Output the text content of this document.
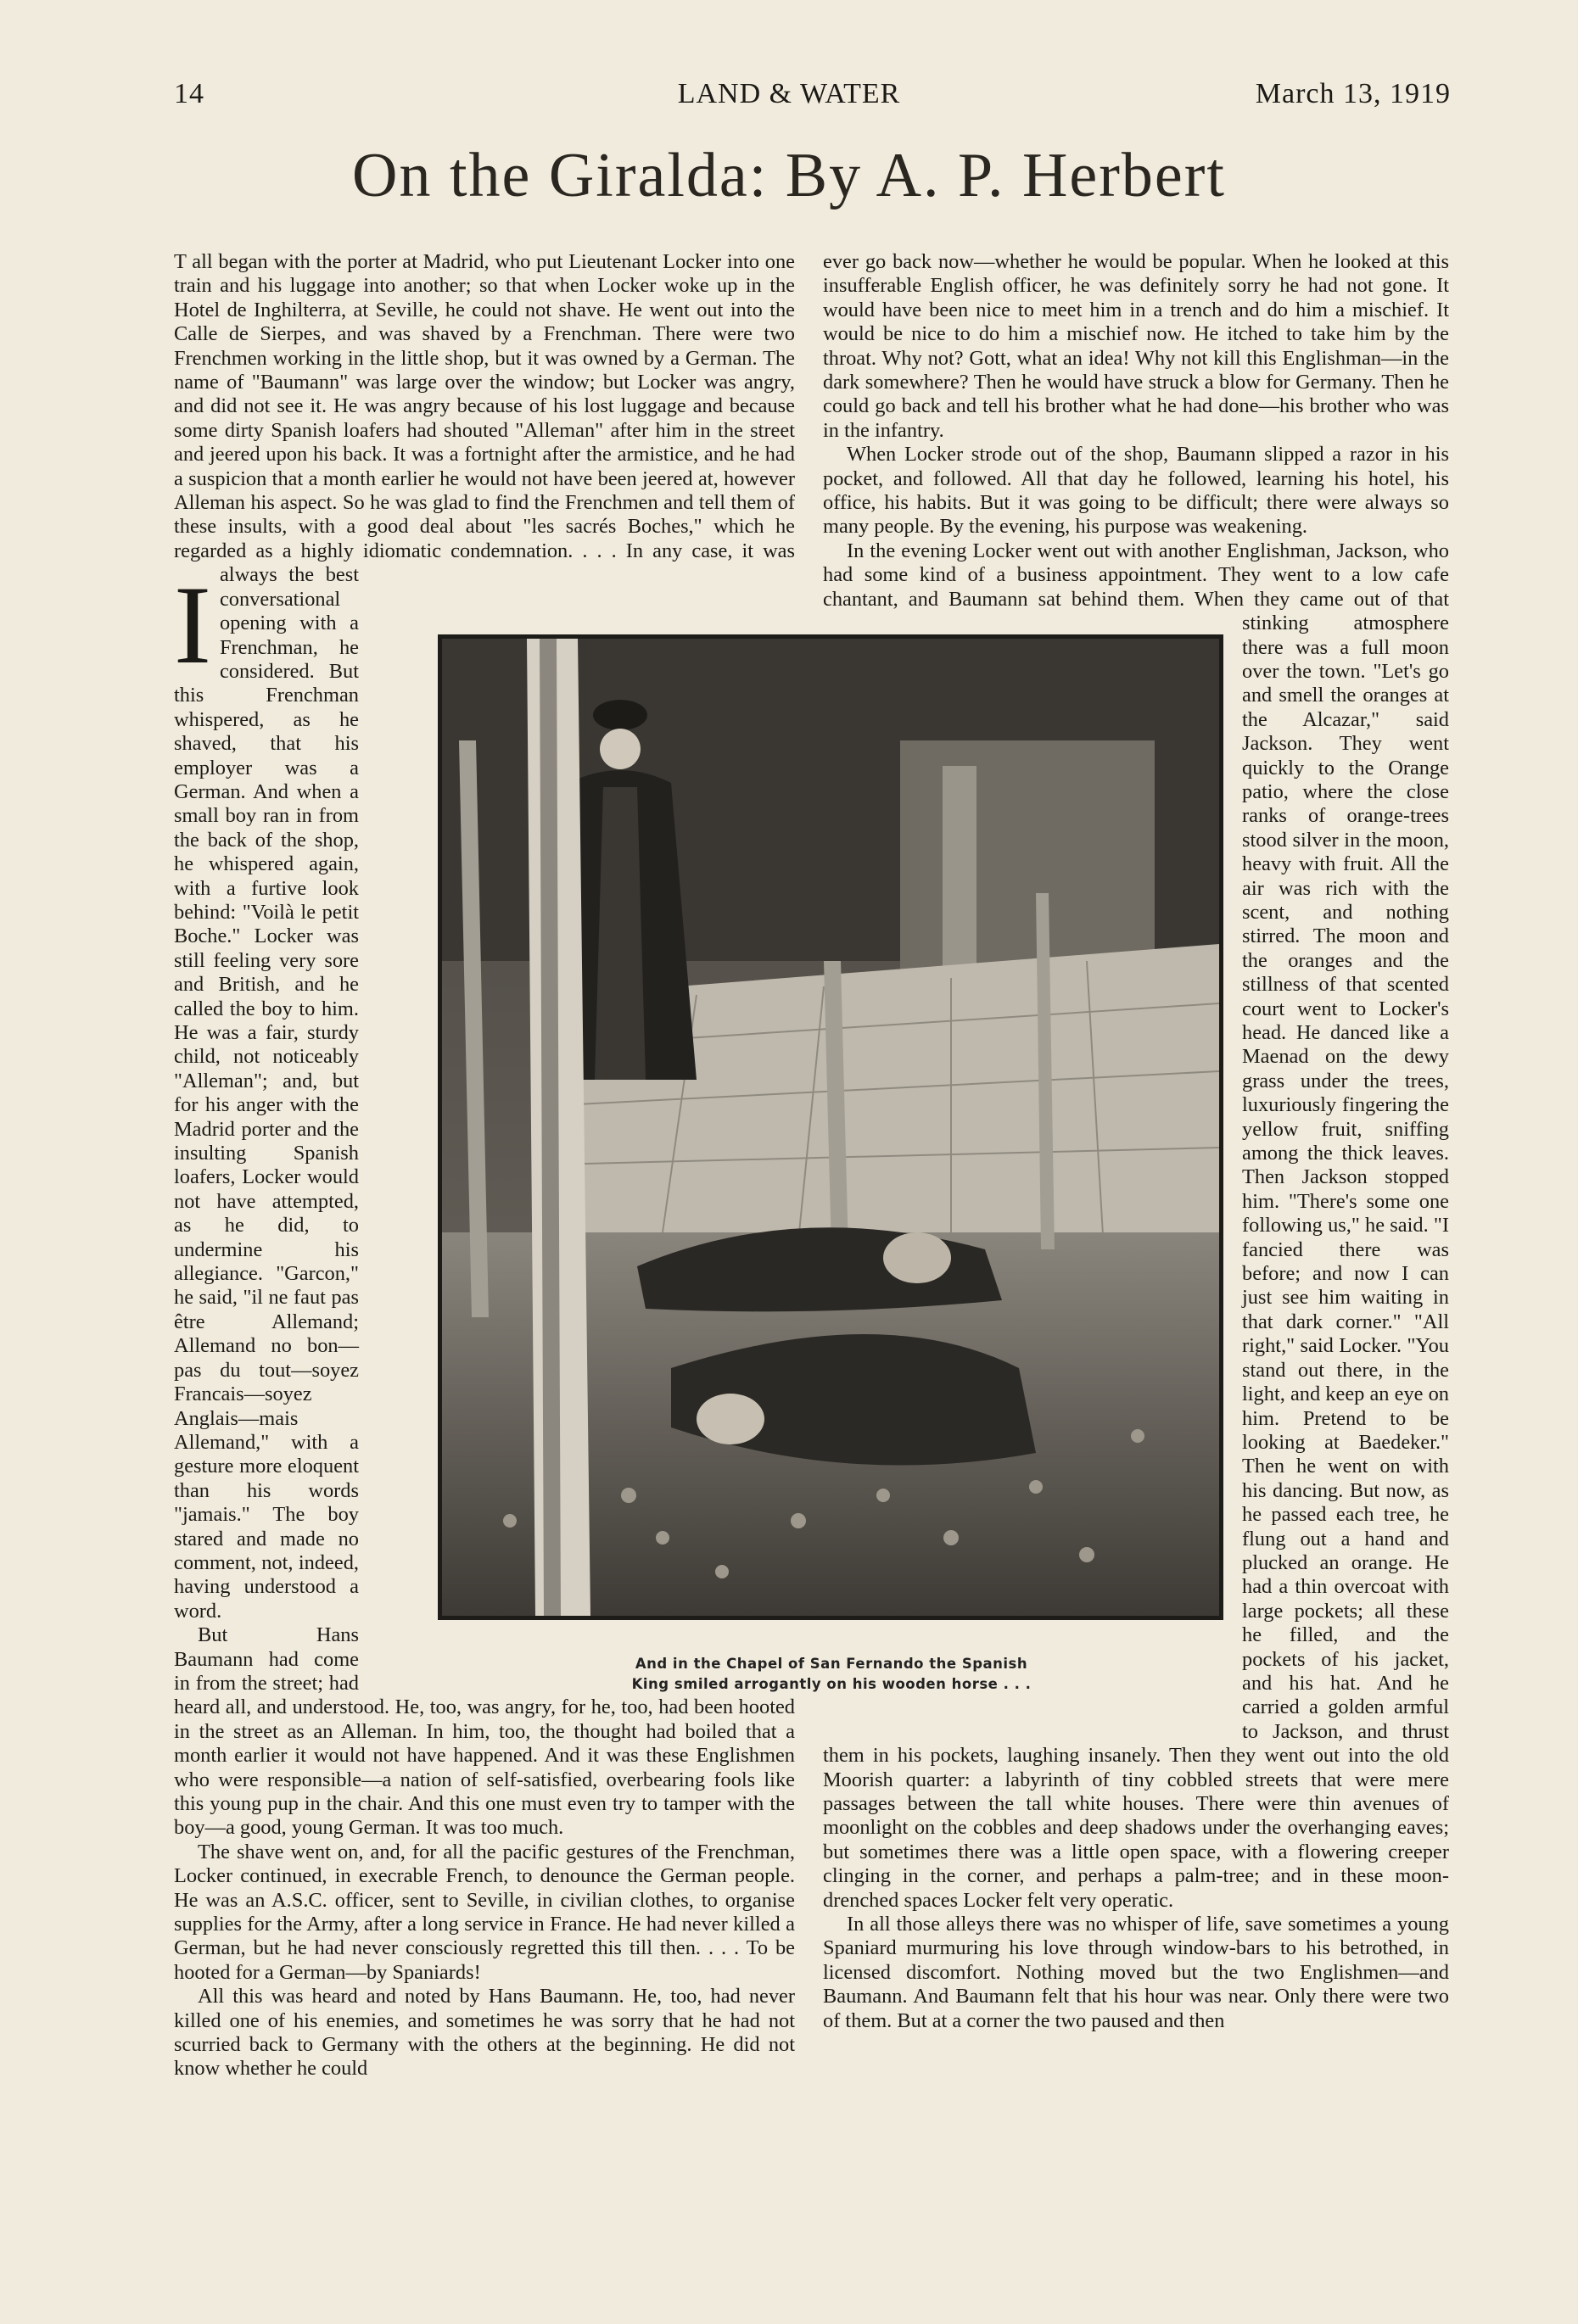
14	LAND & WATER	March 13, 1919
On the Giralda: By A. P. Herbert

I
T all began with the porter at Madrid, who put Lieutenant Locker into one train and his luggage into another; so that when Locker woke up in the Hotel de Inghilterra, at Seville, he could not shave. He went out into the Calle de Sierpes, and was shaved by a Frenchman. There were two Frenchmen working in the little shop, but it was owned by a German. The name of "Baumann" was large over the window; but Locker was angry, and did not see it. He was angry because of his lost luggage and because some dirty Spanish loafers had shouted "Alleman" after him in the street and jeered upon his back. It was a fortnight after the armistice, and he had a suspicion that a month earlier he would not have been jeered at, however Alleman his aspect. So he was glad to find the Frenchmen and tell them of these insults, with a good deal about "les sacrés Boches," which he regarded as a highly idiomatic condemnation. . . . In any case, it was always the best conversational opening with a Frenchman, he considered. But this Frenchman whispered, as he shaved, that his employer was a German. And when a small boy ran in from the back of the shop, he whispered again, with a furtive look behind: "Voilà le petit Boche." Locker was still feeling very sore and British, and he called the boy to him. He was a fair, sturdy child, not noticeably "Alleman"; and, but for his anger with the Madrid porter and the insulting Spanish loafers, Locker would not have attempted, as he did, to undermine his allegiance. "Garcon," he said, "il ne faut pas être Allemand; Allemand no bon—pas du tout—soyez Francais—soyez Anglais—mais Allemand," with a gesture more eloquent than his words "jamais." The boy stared and made no comment, not, indeed, having understood a word.

But Hans Baumann had come in from the street; had heard all, and understood. He, too, was angry, for he, too, had been hooted in the street as an Alleman. In him, too, the thought had boiled that a month earlier it would not have happened. And it was these Englishmen who were responsible—a nation of self-satisfied, overbearing fools like this young pup in the chair. And this one must even try to tamper with the boy—a good, young German. It was too much.

The shave went on, and, for all the pacific gestures of the Frenchman, Locker continued, in execrable French, to denounce the German people. He was an A.S.C. officer, sent to Seville, in civilian clothes, to organise supplies for the Army, after a long service in France. He had never killed a German, but he had never consciously regretted this till then. . . . To be hooted for a German—by Spaniards!

All this was heard and noted by Hans Baumann. He, too, had never killed one of his enemies, and sometimes he was sorry that he had not scurried back to Germany with the others at the beginning. He did not know whether he could

ever go back now—whether he would be popular. When he looked at this insufferable English officer, he was definitely sorry he had not gone. It would have been nice to meet him in a trench and do him a mischief. It would be nice to do him a mischief now. He itched to take him by the throat. Why not? Gott, what an idea! Why not kill this Englishman—in the dark somewhere? Then he would have struck a blow for Germany. Then he could go back and tell his brother what he had done—his brother who was in the infantry.

When Locker strode out of the shop, Baumann slipped a razor in his pocket, and followed. All that day he followed, learning his hotel, his office, his habits. But it was going to be difficult; there were always so many people. By the evening, his purpose was weakening.

In the evening Locker went out with another Englishman, Jackson, who had some kind of a business appointment. They went to a low cafe chantant, and Baumann sat behind them. When they came out of that stinking atmosphere there was a full moon over the town. "Let's go and smell the oranges at the Alcazar," said Jackson. They went quickly to the Orange patio, where the close ranks of orange-trees stood silver in the moon, heavy with fruit. All the air was rich with the scent, and nothing stirred. The moon and the oranges and the stillness of that scented court went to Locker's head. He danced like a Maenad on the dewy grass under the trees, luxuriously fingering the yellow fruit, sniffing among the thick leaves. Then Jackson stopped him. "There's some one following us," he said. "I fancied there was before; and now I can just see him waiting in that dark corner." "All right," said Locker. "You stand out there, in the light, and keep an eye on him. Pretend to be looking at Baedeker." Then he went on with his dancing. But now, as he passed each tree, he flung out a hand and plucked an orange. He had a thin overcoat with large pockets; all these he filled, and the pockets of his jacket, and his hat. And he carried a golden armful to Jackson, and thrust them in his pockets, laughing insanely. Then they went out into the old Moorish quarter: a labyrinth of tiny cobbled streets that were mere passages between the tall white houses. There were thin avenues of moonlight on the cobbles and deep shadows under the overhanging eaves; but sometimes there was a little open space, with a flowering creeper clinging in the corner, and perhaps a palm-tree; and in these moon-drenched spaces Locker felt very operatic.

In all those alleys there was no whisper of life, save sometimes a young Spaniard murmuring his love through window-bars to his betrothed, in licensed discomfort. Nothing moved but the two Englishmen—and Baumann. And Baumann felt that his hour was near. Only there were two of them. But at a corner the two paused and then

And in the Chapel of San Fernando the Spanish
King smiled arrogantly on his wooden horse . . .
